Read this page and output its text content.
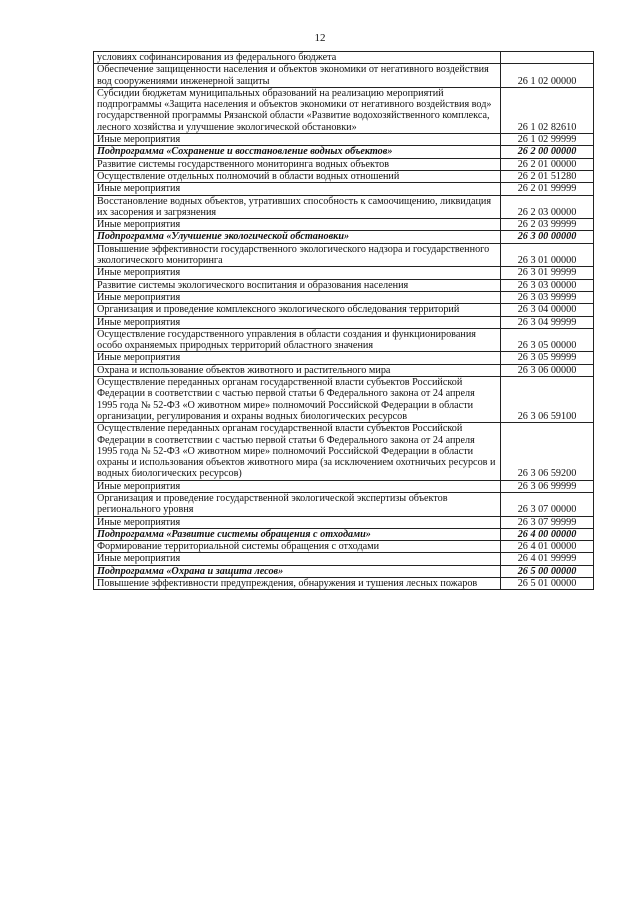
12
условиях софинансирования из федерального бюджета	
Обеспечение защищенности населения и объектов экономики от негативного воздействия вод сооружениями инженерной защиты	26 1 02 00000
Субсидии бюджетам муниципальных образований на реализацию мероприятий подпрограммы «Защита населения и объектов экономики от негативного воздействия вод» государственной программы Рязанской области «Развитие водохозяйственного комплекса, лесного хозяйства и улучшение экологической обстановки»	26 1 02 82610
Иные мероприятия	26 1 02 99999
Подпрограмма «Сохранение и восстановление водных объектов»	26 2 00 00000
Развитие системы государственного мониторинга водных объектов	26 2 01 00000
Осуществление отдельных полномочий в области водных отношений	26 2 01 51280
Иные мероприятия	26 2 01 99999
Восстановление водных объектов, утративших способность к самоочищению, ликвидация их засорения и загрязнения	26 2 03 00000
Иные мероприятия	26 2 03 99999
Подпрограмма «Улучшение экологической обстановки»	26 3 00 00000
Повышение эффективности государственного экологического надзора и государственного экологического мониторинга	26 3 01 00000
Иные мероприятия	26 3 01 99999
Развитие системы экологического воспитания и образования населения	26 3 03 00000
Иные мероприятия	26 3 03 99999
Организация и проведение комплексного экологического обследования территорий	26 3 04 00000
Иные мероприятия	26 3 04 99999
Осуществление государственного управления в области создания и функционирования особо охраняемых природных территорий областного значения	26 3 05 00000
Иные мероприятия	26 3 05 99999
Охрана и использование объектов животного и растительного мира	26 3 06 00000
Осуществление переданных органам государственной власти субъектов Российской Федерации в соответствии с частью первой статьи 6 Федерального закона от 24 апреля 1995 года № 52-ФЗ «О животном мире» полномочий Российской Федерации в области организации, регулирования и охраны водных биологических ресурсов	26 3 06 59100
Осуществление переданных органам государственной власти субъектов Российской Федерации в соответствии с частью первой статьи 6 Федерального закона от 24 апреля 1995 года № 52-ФЗ «О животном мире» полномочий Российской Федерации в области охраны и использования объектов животного мира (за исключением охотничьих ресурсов и водных биологических ресурсов)	26 3 06 59200
Иные мероприятия	26 3 06 99999
Организация и проведение государственной экологической экспертизы объектов регионального уровня	26 3 07 00000
Иные мероприятия	26 3 07 99999
Подпрограмма «Развитие системы обращения с отходами»	26 4 00 00000
Формирование территориальной системы обращения с отходами	26 4 01 00000
Иные мероприятия	26 4 01 99999
Подпрограмма «Охрана и защита лесов»	26 5 00 00000
Повышение эффективности предупреждения, обнаружения и тушения лесных пожаров	26 5 01 00000
